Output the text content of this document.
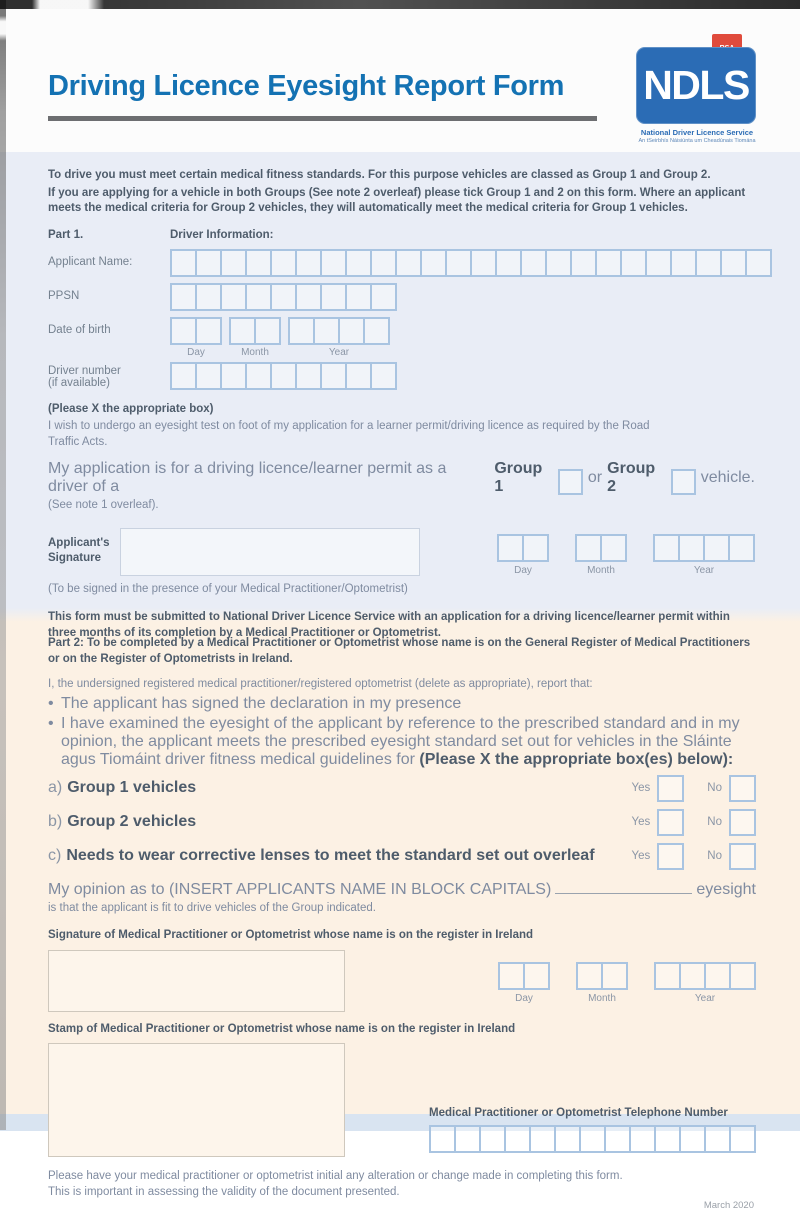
Driving Licence Eyesight Report Form NDLS
National Driver Licence Service
An tSeirbhís Náisiúnta um Cheadúnais Tiomána

To drive you must meet certain medical fitness standards. For this purpose vehicles are classed as Group 1 and Group 2.

If you are applying for a vehicle in both Groups (See note 2 overleaf) please tick Group 1 and 2 on this form. Where an applicant meets the medical criteria for Group 2 vehicles, they will automatically meet the medical criteria for Group 1 vehicles.

Part 1.	Driver Information:
Applicant Name:
PPSN
Date of birth
Day	Month	Year
Driver number
(if available)

(Please X the appropriate box)

I wish to undergo an eyesight test on foot of my application for a learner permit/driving licence as required by the Road Traffic Acts.

My application is for a driving licence/learner permit as a driver of a
Group 1
or
Group 2
vehicle.

(See note 1 overleaf).

Applicant's
Signature
Day	Month	Year

(To be signed in the presence of your Medical Practitioner/Optometrist)

This form must be submitted to National Driver Licence Service with an application for a driving licence/learner permit within three months of its completion by a Medical Practitioner or Optometrist.

Part 2: To be completed by a Medical Practitioner or Optometrist whose name is on the General Register of Medical Practitioners or on the Register of Optometrists in Ireland.

I, the undersigned registered medical practitioner/registered optometrist (delete as appropriate), report that:

• The applicant has signed the declaration in my presence
• I have examined the eyesight of the applicant by reference to the prescribed standard and in my opinion, the applicant meets the prescribed eyesight standard set out for vehicles in the Sláinte agus Tiomáint driver fitness medical guidelines for (Please X the appropriate box(es) below):
a) Group 1 vehicles	Yes	No
b) Group 2 vehicles	Yes	No
c) Needs to wear corrective lenses to meet the standard set out overleaf	Yes	No
My opinion as to (INSERT APPLICANTS NAME IN BLOCK CAPITALS)	eyesight

is that the applicant is fit to drive vehicles of the Group indicated.

Signature of Medical Practitioner or Optometrist whose name is on the register in Ireland

Day	Month	Year

Stamp of Medical Practitioner or Optometrist whose name is on the register in Ireland

Medical Practitioner or Optometrist Telephone Number

Please have your medical practitioner or optometrist initial any alteration or change made in completing this form.
This is important in assessing the validity of the document presented.

March 2020
